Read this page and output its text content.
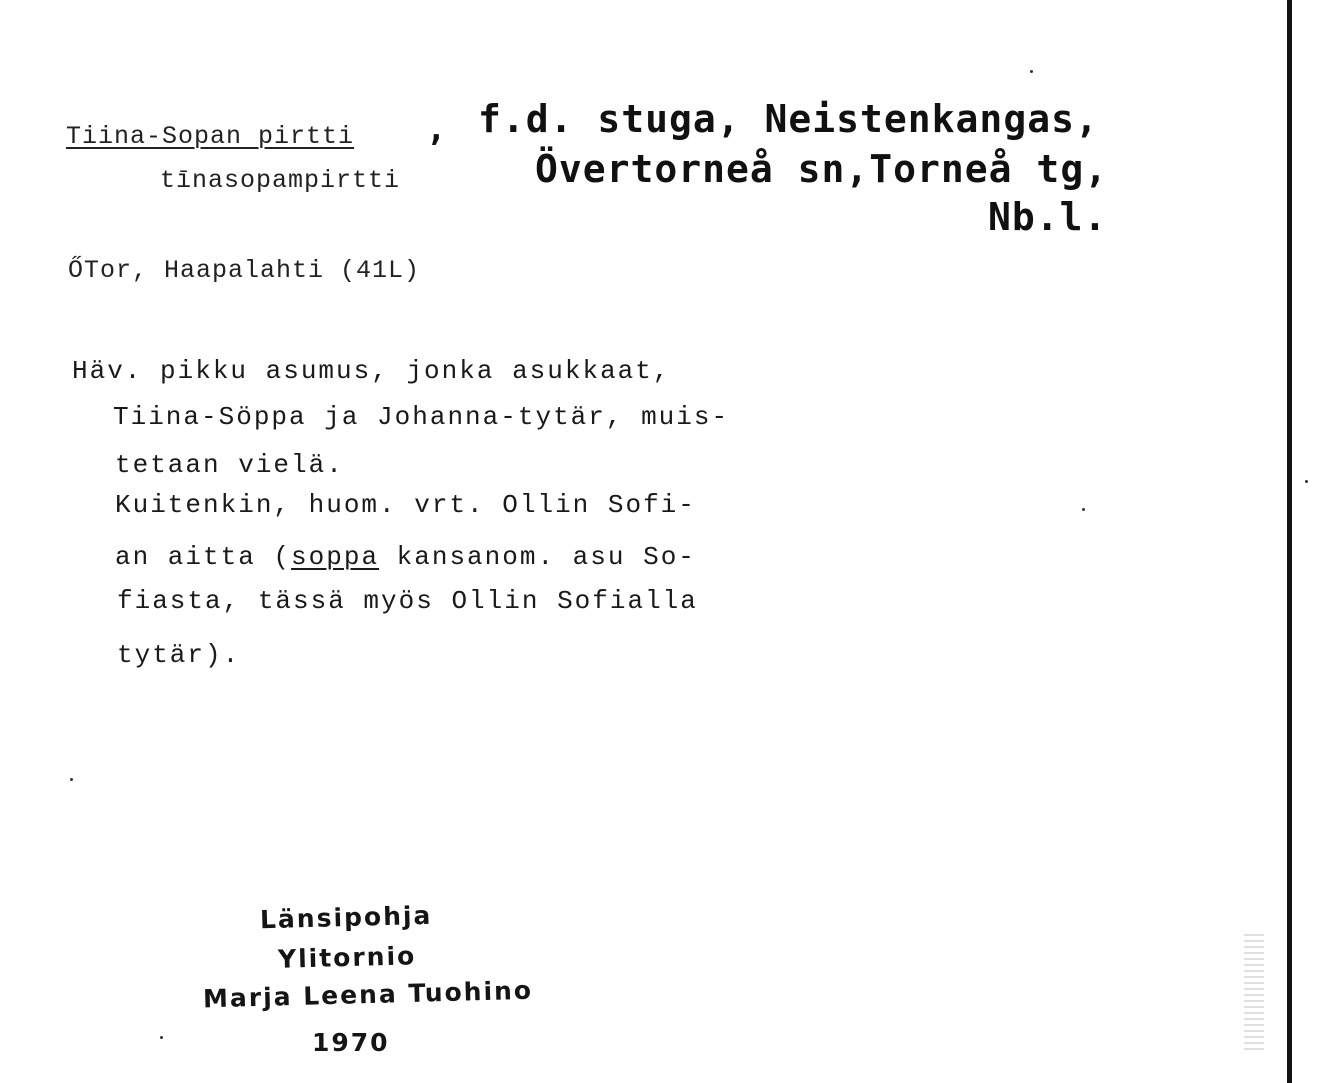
Tiina-Sopan pirtti ,
tīnasopampirtti
f.d. stuga, Neistenkangas,
Övertorneå sn,Torneå tg,
Nb.l.
ŐTor, Haapalahti (41L)
Häv. pikku asumus, jonka asukkaat,
Tiina-Söppa ja Johanna-tytär, muis-
tetaan vielä.
Kuitenkin, huom. vrt. Ollin Sofi-
an aitta (soppa kansanom. asu So-
fiasta, tässä myös Ollin Sofialla
tytär).
Länsipohja
Ylitornio
Marja Leena Tuohino
1970
